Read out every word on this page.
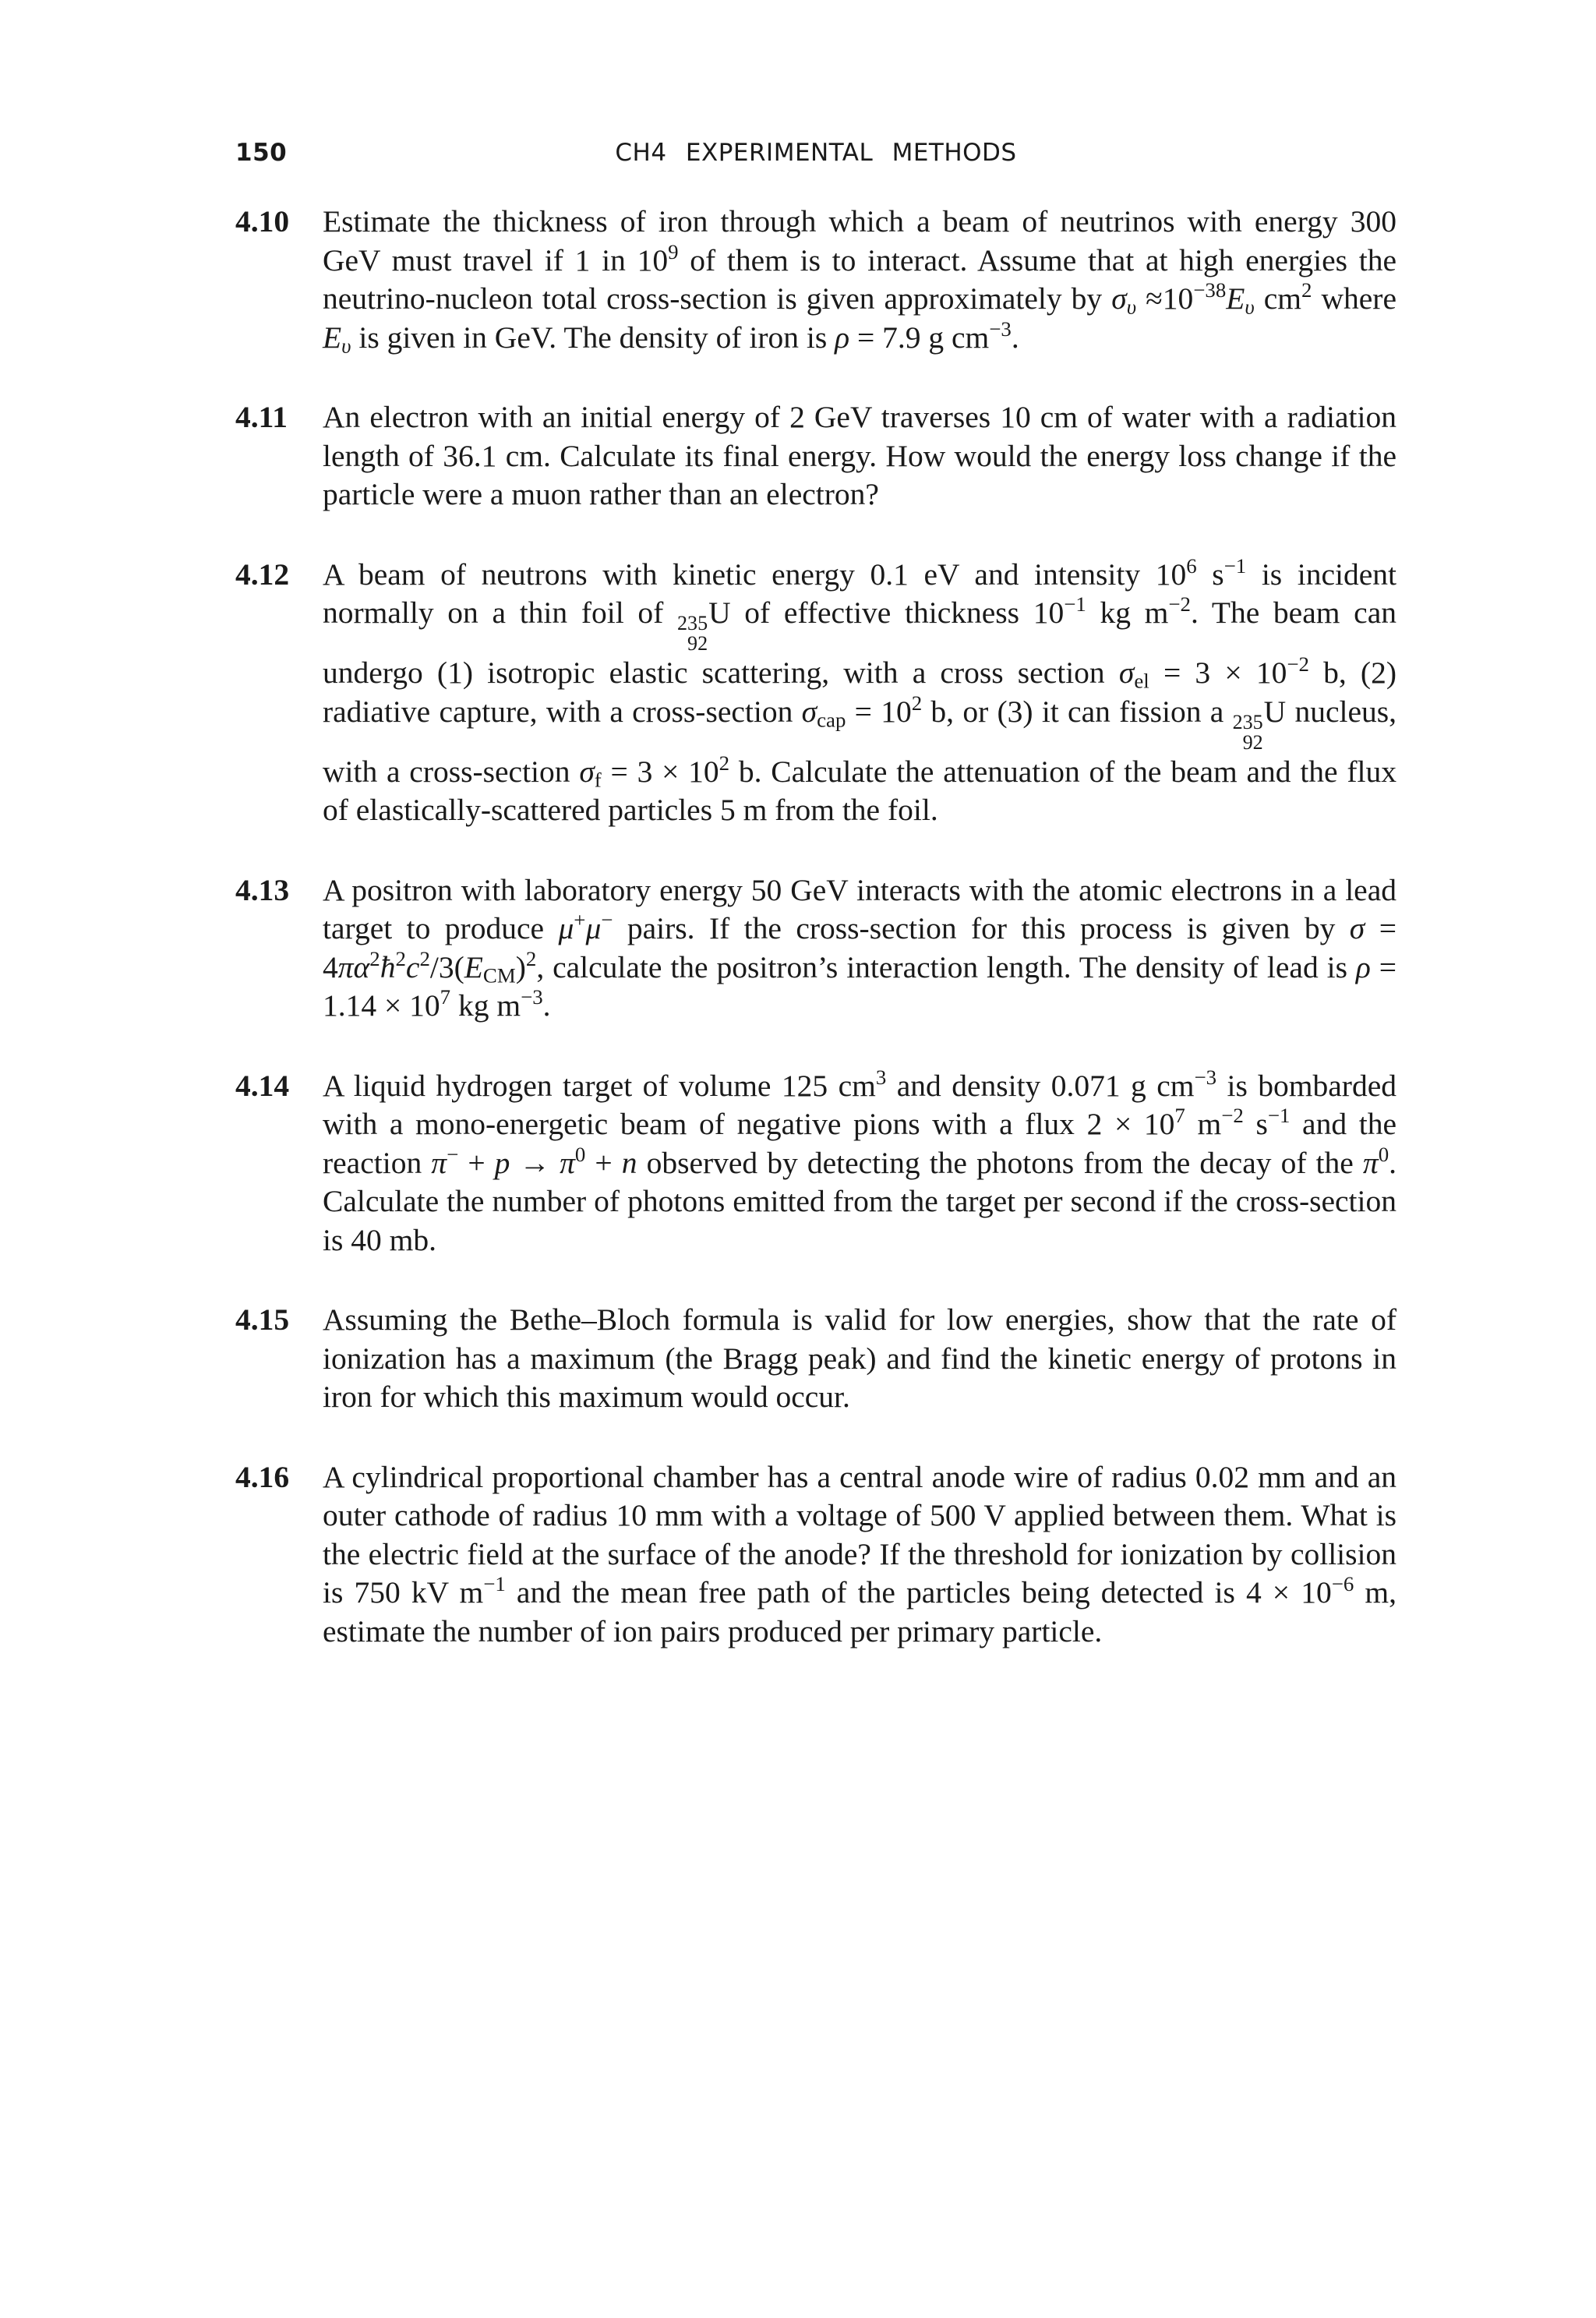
150	CH4 EXPERIMENTAL METHODS
4.10	Estimate the thickness of iron through which a beam of neutrinos with energy 300 GeV must travel if 1 in $10^9$ of them is to interact. Assume that at high energies the neutrino-nucleon total cross-section is given approximately by $\sigma_\upsilon \approx 10^{-38}E_\upsilon$ $cm^2$ where $E_\upsilon$ is given in GeV. The density of iron is ρ = 7.9 g $cm^{-3}$.
4.11	An electron with an initial energy of 2 GeV traverses 10 cm of water with a radiation length of 36.1 cm. Calculate its final energy. How would the energy loss change if the particle were a muon rather than an electron?
4.12	A beam of neutrons with kinetic energy 0.1 eV and intensity $10^6$ $s^{-1}$ is incident normally on a thin foil of 235
92
U of effective thickness $10^{-1}$ kg $m^{-2}$. The beam can undergo (1) isotropic elastic scattering, with a cross section $\sigma_{el} = 3 \times 10^{-2}$ b, (2) radiative capture, with a cross-section $\sigma_{cap} = 10^2$ b, or (3) it can fission a 235
92
U nucleus, with a cross-section $\sigma_f = 3 \times 10^2$ b. Calculate the attenuation of the beam and the flux of elastically-scattered particles 5 m from the foil.
4.13	A positron with laboratory energy 50 GeV interacts with the atomic electrons in a lead target to produce μ+μ− pairs. If the cross-section for this process is given by $\sigma = 4\pi\alpha^2ħ^2c^2/3(E_{CM})^2$, calculate the positron’s interaction length. The density of lead is $\rho = 1.14 \times 10^7$ kg $m^{-3}$.
4.14	A liquid hydrogen target of volume 125 $cm^3$ and density 0.071 g $cm^{-3}$ is bombarded with a mono-energetic beam of negative pions with a flux $2 \times 10^7$ $m^{-2}$ $s^{-1}$ and the reaction $\pi^- + p \to \pi^0 + n$ observed by detecting the photons from the decay of the $\pi^0$. Calculate the number of photons emitted from the target per second if the cross-section is 40 mb.
4.15	Assuming the Bethe–Bloch formula is valid for low energies, show that the rate of ionization has a maximum (the Bragg peak) and find the kinetic energy of protons in iron for which this maximum would occur.
4.16	A cylindrical proportional chamber has a central anode wire of radius 0.02 mm and an outer cathode of radius 10 mm with a voltage of 500 V applied between them. What is the electric field at the surface of the anode? If the threshold for ionization by collision is 750 kV $m^{-1}$ and the mean free path of the particles being detected is $4 \times 10^{-6}$ m, estimate the number of ion pairs produced per primary particle.
